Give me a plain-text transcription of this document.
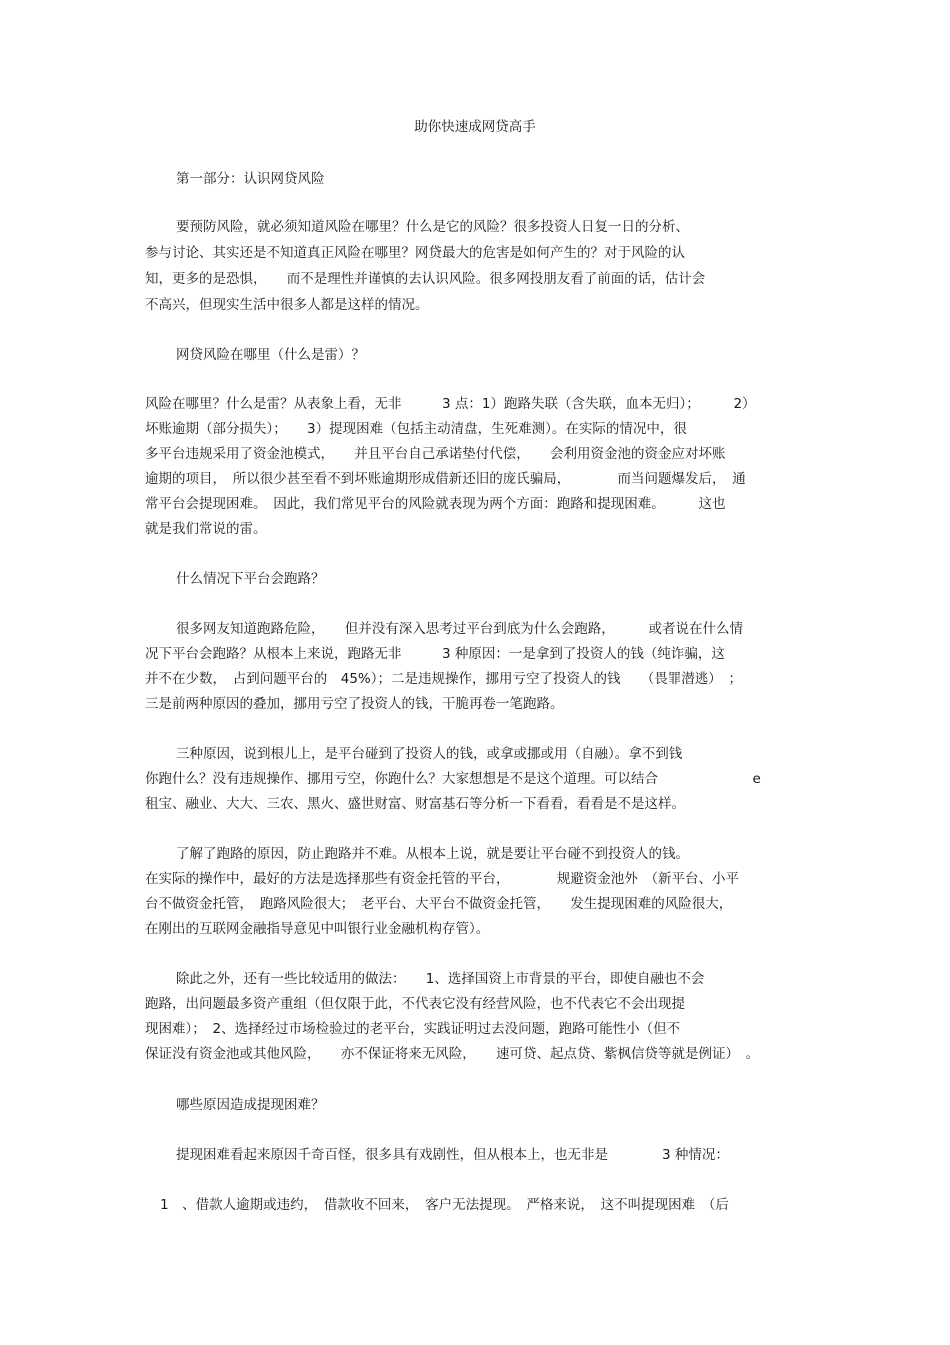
助你快速成网贷高手
第一部分：认识网贷风险
要预防风险，就必须知道风险在哪里？什么是它的风险？很多投资人日复一日的分析、
参与讨论、其实还是不知道真正风险在哪里？网贷最大的危害是如何产生的？对于风险的认
知，更多的是恐惧，　　而不是理性并谨慎的去认识风险。很多网投朋友看了前面的话，估计会
不高兴，但现实生活中很多人都是这样的情况。
网贷风险在哪里（什么是雷）？
风险在哪里？什么是雷？从表象上看，无非　　　3 点：1）跑路失联（含失联，血本无归）；　　　2）
坏账逾期（部分损失）；　　3）提现困难（包括主动清盘，生死难测）。在实际的情况中，很
多平台违规采用了资金池模式，　　并且平台自己承诺垫付代偿，　　会利用资金池的资金应对坏账
逾期的项目，　所以很少甚至看不到坏账逾期形成借新还旧的庞氏骗局，　　　　而当问题爆发后，　通
常平台会提现困难。　因此，我们常见平台的风险就表现为两个方面：跑路和提现困难。　　　这也
就是我们常说的雷。
什么情况下平台会跑路？
很多网友知道跑路危险，　　但并没有深入思考过平台到底为什么会跑路，　　　或者说在什么情
况下平台会跑路？从根本上来说，跑路无非　　　3 种原因：一是拿到了投资人的钱（纯诈骗，这
并不在少数，　占到问题平台的　45%）；二是违规操作，挪用亏空了投资人的钱　　（畏罪潜逃）　；
三是前两种原因的叠加，挪用亏空了投资人的钱，干脆再卷一笔跑路。
三种原因，说到根儿上，是平台碰到了投资人的钱，或拿或挪或用（自融）。拿不到钱
你跑什么？没有违规操作、挪用亏空，你跑什么？大家想想是不是这个道理。可以结合　　　　　　　e
租宝、融业、大大、三农、黑火、盛世财富、财富基石等分析一下看看，看看是不是这样。
了解了跑路的原因，防止跑路并不难。从根本上说，就是要让平台碰不到投资人的钱。
在实际的操作中，最好的方法是选择那些有资金托管的平台，　　　　规避资金池外　（新平台、小平
台不做资金托管，　跑路风险很大；　老平台、大平台不做资金托管，　　发生提现困难的风险很大，
在刚出的互联网金融指导意见中叫银行业金融机构存管）。
除此之外，还有一些比较适用的做法：　　1、选择国资上市背景的平台，即使自融也不会
跑路，出问题最多资产重组（但仅限于此，不代表它没有经营风险，也不代表它不会出现提
现困难）；　2、选择经过市场检验过的老平台，实践证明过去没问题，跑路可能性小（但不
保证没有资金池或其他风险，　　亦不保证将来无风险，　　速可贷、起点贷、紫枫信贷等就是例证）　。
哪些原因造成提现困难？
提现困难看起来原因千奇百怪，很多具有戏剧性，但从根本上，也无非是　　　　3 种情况：
1　、借款人逾期或违约，　借款收不回来，　客户无法提现。　严格来说，　这不叫提现困难　（后
